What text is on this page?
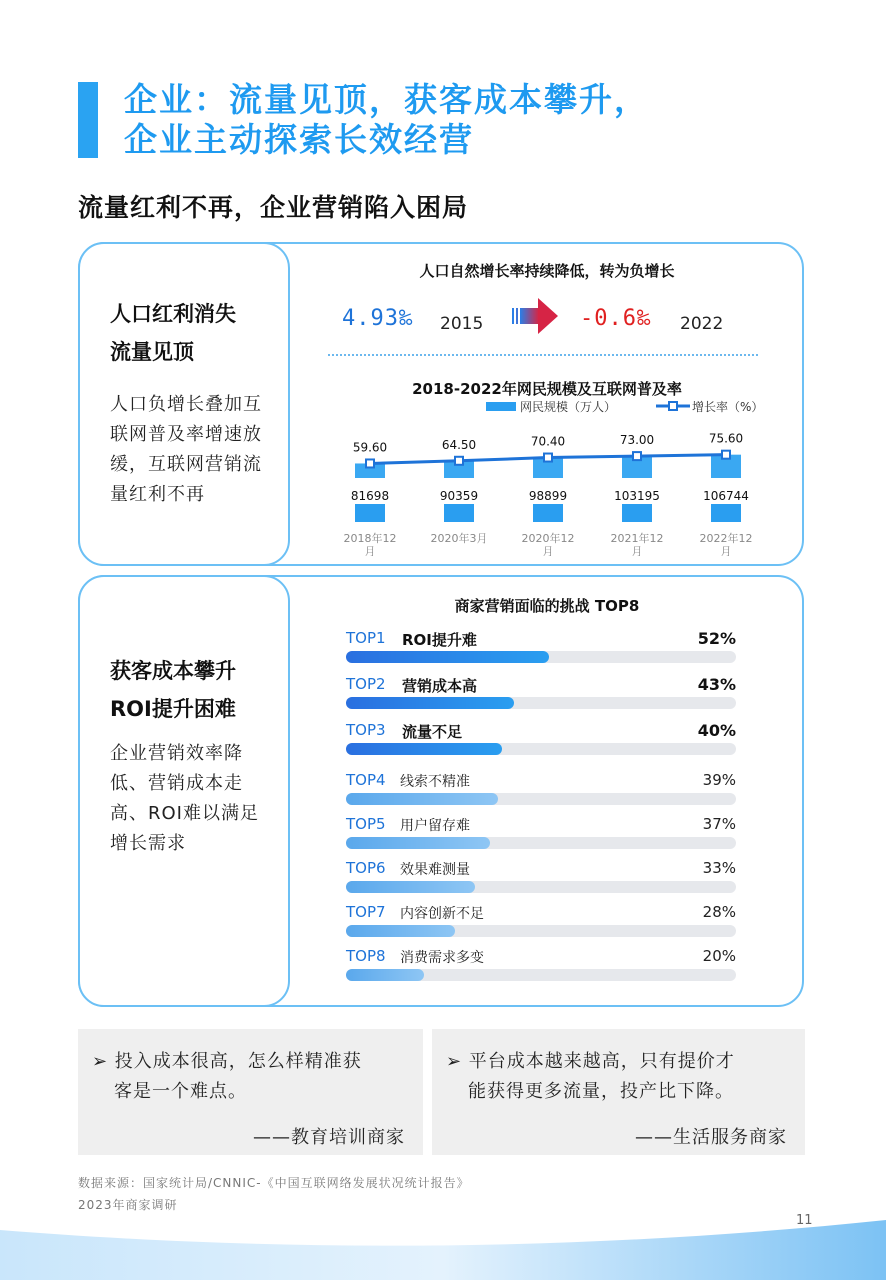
企业：流量见顶，获客成本攀升，
企业主动探索长效经营
流量红利不再，企业营销陷入困局
人口红利消失
流量见顶
人口负增长叠加互联网普及率增速放缓，互联网营销流量红利不再
人口自然增长率持续降低，转为负增长
4.93‰ 2015	-0.6‰ 2022
2018-2022年网民规模及互联网普及率
网民规模（万人）	增长率（%）
81698	90359	98899	103195	106744
59.60	64.50	70.40	73.00	75.60
2018年12
月
2020年3月	2020年12
月
2021年12
月
2022年12
月
获客成本攀升
ROI提升困难
企业营销效率降低、营销成本走高、ROI难以满足增长需求
商家营销面临的挑战 TOP8
TOP1 ROI提升难	52%
TOP2 营销成本高	43%
TOP3 流量不足	40%
TOP4 线索不精准	39%
TOP5 用户留存难	37%
TOP6 效果难测量	33%
TOP7 内容创新不足	28%
TOP8 消费需求多变	20%
➢ 投入成本很高，怎么样精准获
客是一个难点。
——教育培训商家
➢ 平台成本越来越高，只有提价才
能获得更多流量，投产比下降。
——生活服务商家
数据来源：国家统计局/CNNIC-《中国互联网络发展状况统计报告》
2023年商家调研
11
